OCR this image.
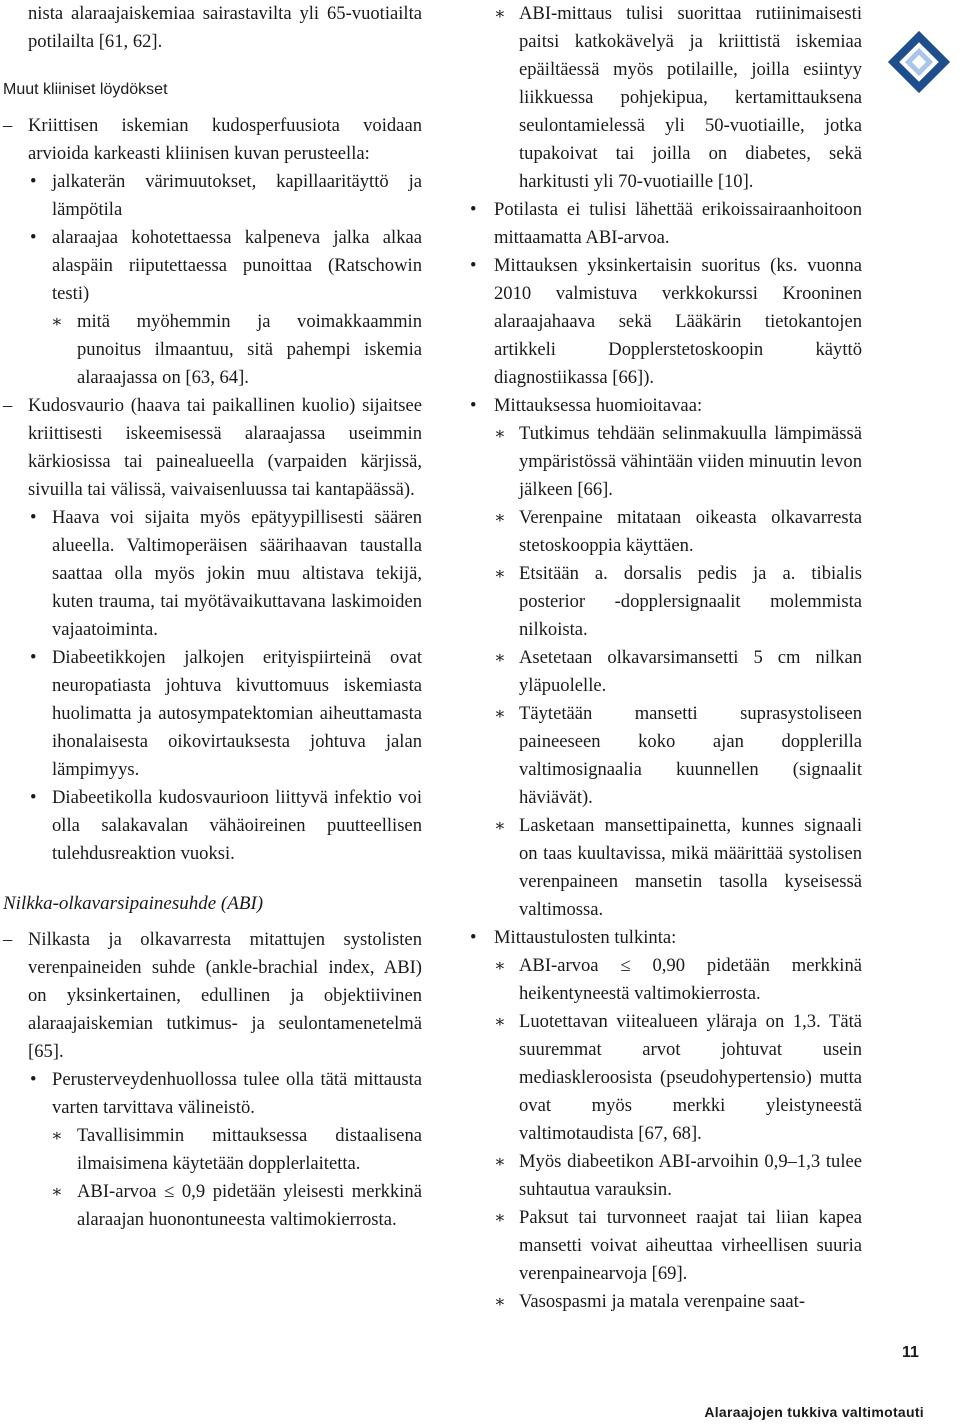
nista alaraajaiskemiaa sairastavilta yli 65-vuotiailta potilailta [61, 62].

Muut kliiniset löydökset

– Kriittisen iskemian kudosperfuusiota voidaan arvioida karkeasti kliinisen kuvan perusteella:

• jalkaterän värimuutokset, kapillaaritäyttö ja lämpötila

• alaraajaa kohotettaessa kalpeneva jalka alkaa alaspäin riiputettaessa punoittaa (Ratschowin testi)

∗ mitä myöhemmin ja voimakkaammin punoitus ilmaantuu, sitä pahempi iskemia alaraajassa on [63, 64].

– Kudosvaurio (haava tai paikallinen kuolio) sijaitsee kriittisesti iskeemisessä alaraajassa useimmin kärkiosissa tai painealueella (varpaiden kärjissä, sivuilla tai välissä, vaivaisenluussa tai kantapäässä).

• Haava voi sijaita myös epätyypillisesti säären alueella. Valtimoperäisen säärihaavan taustalla saattaa olla myös jokin muu altistava tekijä, kuten trauma, tai myötävaikuttavana laskimoiden vajaatoiminta.

• Diabeetikkojen jalkojen erityispiirteinä ovat neuropatiasta johtuva kivuttomuus iskemiasta huolimatta ja autosympatektomian aiheuttamasta ihonalaisesta oikovirtauksesta johtuva jalan lämpimyys.

• Diabeetikolla kudosvaurioon liittyvä infektio voi olla salakavalan vähäoireinen puutteellisen tulehdusreaktion vuoksi.

Nilkka-olkavarsipainesuhde (ABI)

– Nilkasta ja olkavarresta mitattujen systolisten verenpaineiden suhde (ankle-brachial index, ABI) on yksinkertainen, edullinen ja objektiivinen alaraajaiskemian tutkimus- ja seulontamenetelmä [65].

• Perusterveydenhuollossa tulee olla tätä mittausta varten tarvittava välineistö.

∗ Tavallisimmin mittauksessa distaalisena ilmaisimena käytetään dopplerlaitetta.

∗ ABI-arvoa ≤ 0,9 pidetään yleisesti merkkinä alaraajan huonontuneesta valtimokierrosta.

∗ ABI-mittaus tulisi suorittaa rutiinimaisesti paitsi katkokävelyä ja kriittistä iskemiaa epäiltäessä myös potilaille, joilla esiintyy liikkuessa pohjekipua, kertamittauksena seulontamielessä yli 50-vuotiaille, jotka tupakoivat tai joilla on diabetes, sekä harkitusti yli 70-vuotiaille [10].

• Potilasta ei tulisi lähettää erikoissairaanhoitoon mittaamatta ABI-arvoa.

• Mittauksen yksinkertaisin suoritus (ks. vuonna 2010 valmistuva verkkokurssi Krooninen alaraajahaava sekä Lääkärin tietokantojen artikkeli Dopplerstetoskoopin käyttö diagnostiikassa [66]).

• Mittauksessa huomioitavaa:

∗ Tutkimus tehdään selinmakuulla lämpimässä ympäristössä vähintään viiden minuutin levon jälkeen [66].

∗ Verenpaine mitataan oikeasta olkavarresta stetoskooppia käyttäen.

∗ Etsitään a. dorsalis pedis ja a. tibialis posterior -dopplersignaalit molemmista nilkoista.

∗ Asetetaan olkavarsimansetti 5 cm nilkan yläpuolelle.

∗ Täytetään mansetti suprasystoliseen paineeseen koko ajan dopplerilla valtimosignaalia kuunnellen (signaalit häviävät).

∗ Lasketaan mansettipainetta, kunnes signaali on taas kuultavissa, mikä määrittää systolisen verenpaineen mansetin tasolla kyseisessä valtimossa.

• Mittaustulosten tulkinta:

∗ ABI-arvoa ≤ 0,90 pidetään merkkinä heikentyneestä valtimokierrosta.

∗ Luotettavan viitealueen yläraja on 1,3. Tätä suuremmat arvot johtuvat usein mediaskleroosista (pseudohypertensio) mutta ovat myös merkki yleistyneestä valtimotaudista [67, 68].

∗ Myös diabeetikon ABI-arvoihin 0,9–1,3 tulee suhtautua varauksin.

∗ Paksut tai turvonneet raajat tai liian kapea mansetti voivat aiheuttaa virheellisen suuria verenpainearvoja [69].

∗ Vasospasmi ja matala verenpaine saat-

11
Alaraajojen tukkiva valtimotauti
